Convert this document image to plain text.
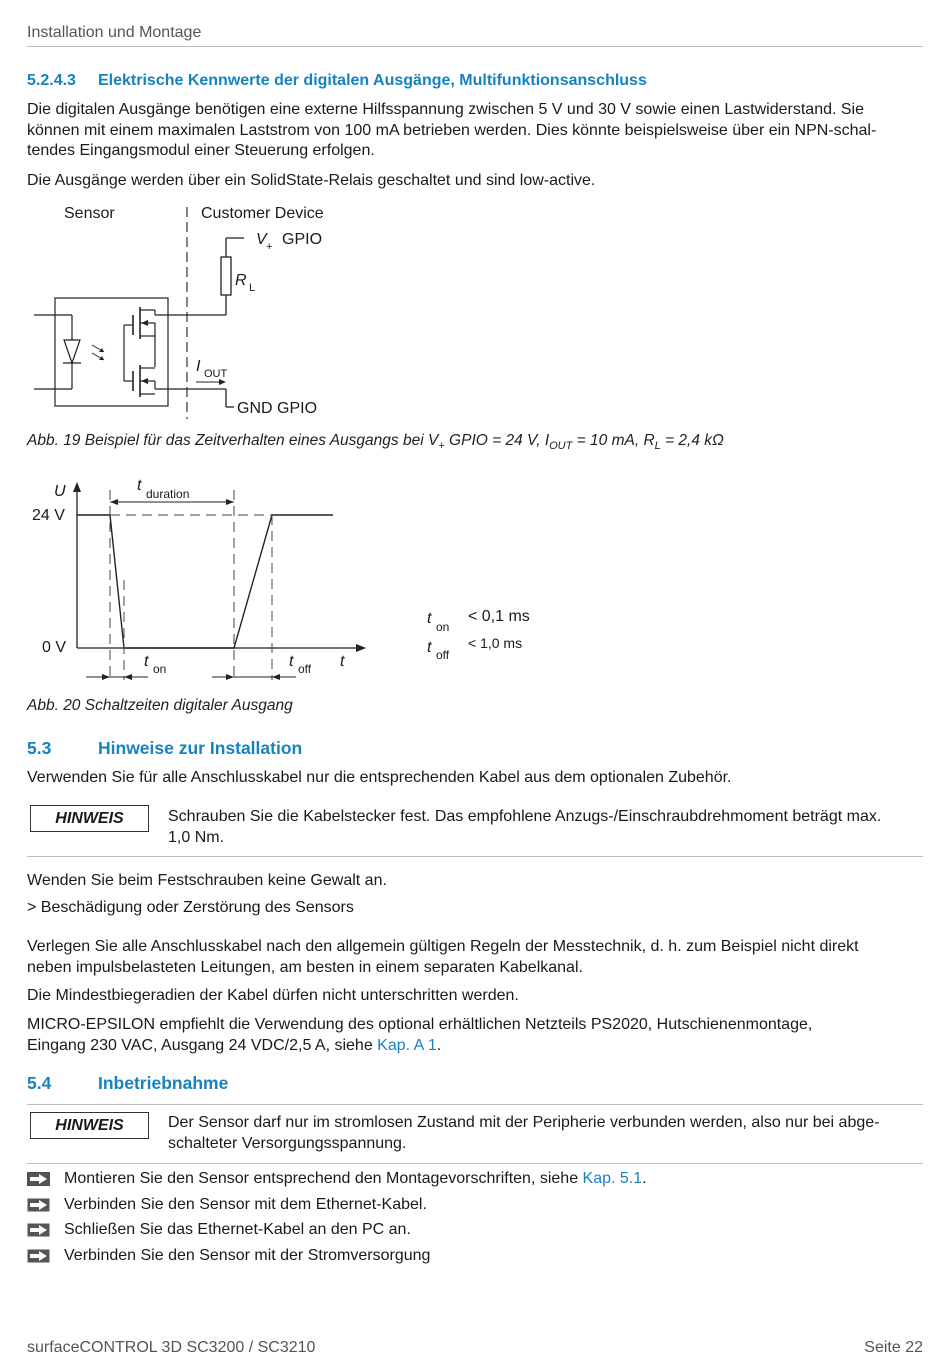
Installation und Montage
5.2.4.3 Elektrische Kennwerte der digitalen Ausgänge, Multifunktionsanschluss
Die digitalen Ausgänge benötigen eine externe Hilfsspannung zwischen 5 V und 30 V sowie einen Lastwiderstand. Sie
können mit einem maximalen Laststrom von 100 mA betrieben werden. Dies könnte beispielsweise über ein NPN-schal-
tendes Eingangsmodul einer Steuerung erfolgen.
Die Ausgänge werden über ein SolidState-Relais geschaltet und sind low-active.
Sensor	Customer Device
V + GPIO
R L
I OUT
GND GPIO
Abb. 19 Beispiel für das Zeitverhalten eines Ausgangs bei $V_+$ GPIO = 24 V, $I_{OUT} = 10$ mA, $R_L = 2,4$ kΩ
U
24 V
0 V
t
t duration
t on	t off
t on
< 0,1 ms
t off
< 1,0 ms
Abb. 20 Schaltzeiten digitaler Ausgang
5.3	Hinweise zur Installation
Verwenden Sie für alle Anschlusskabel nur die entsprechenden Kabel aus dem optionalen Zubehör.
HINWEIS	Schrauben Sie die Kabelstecker fest. Das empfohlene Anzugs-/Einschraubdrehmoment beträgt max.
1,0 Nm.
Wenden Sie beim Festschrauben keine Gewalt an.
> Beschädigung oder Zerstörung des Sensors
Verlegen Sie alle Anschlusskabel nach den allgemein gültigen Regeln der Messtechnik, d. h. zum Beispiel nicht direkt
neben impulsbelasteten Leitungen, am besten in einem separaten Kabelkanal.
Die Mindestbiegeradien der Kabel dürfen nicht unterschritten werden.
MICRO-EPSILON empfiehlt die Verwendung des optional erhältlichen Netzteils PS2020, Hutschienenmontage,
Eingang 230 VAC, Ausgang 24 VDC/2,5 A, siehe Kap. A 1.
5.4	Inbetriebnahme
HINWEIS	Der Sensor darf nur im stromlosen Zustand mit der Peripherie verbunden werden, also nur bei abge-
schalteter Versorgungsspannung.
Montieren Sie den Sensor entsprechend den Montagevorschriften, siehe Kap. 5.1.
Verbinden Sie den Sensor mit dem Ethernet-Kabel.
Schließen Sie das Ethernet-Kabel an den PC an.
Verbinden Sie den Sensor mit der Stromversorgung
surfaceCONTROL 3D SC3200 / SC3210	Seite 22
